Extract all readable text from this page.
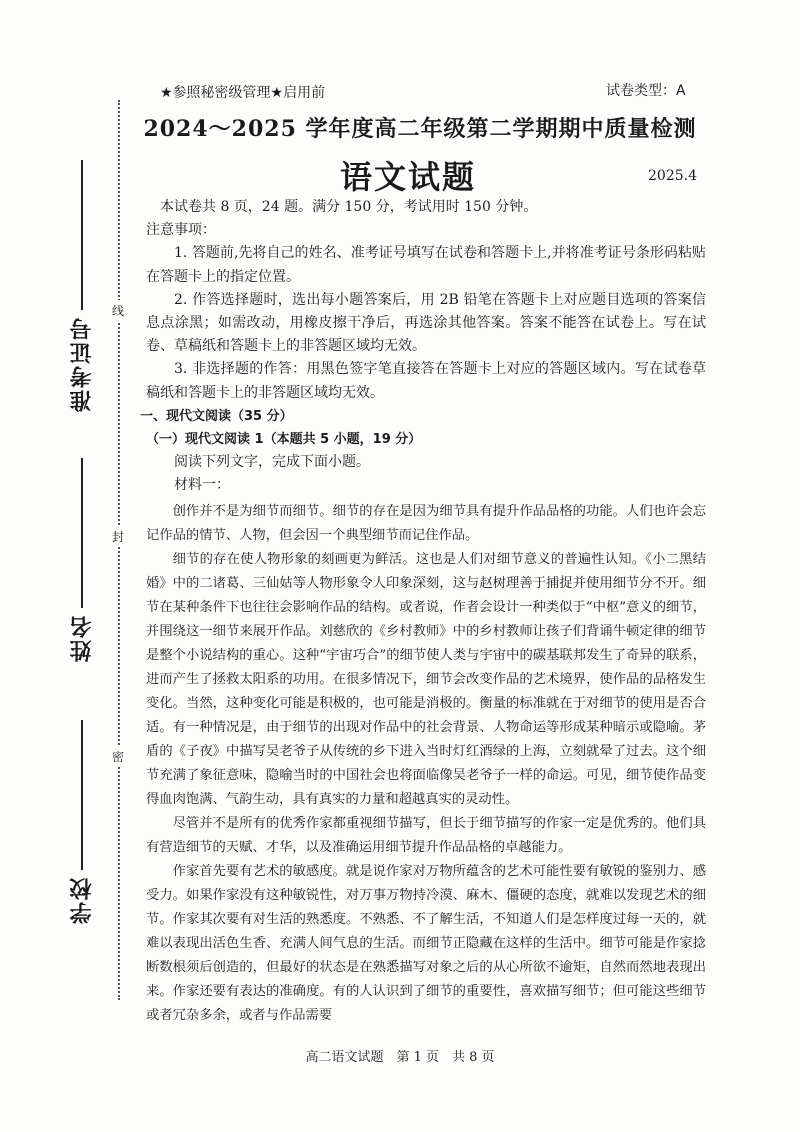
线
封
密
准考证号
姓名
学校
★参照秘密级管理★启用前	试卷类型：A
2024～2025 学年度高二年级第二学期期中质量检测
语文试题	2025.4

本试卷共 8 页，24 题。满分 150 分，考试用时 150 分钟。

注意事项：

1. 答题前,先将自己的姓名、准考证号填写在试卷和答题卡上,并将准考证号条形码粘贴在答题卡上的指定位置。

2. 作答选择题时，选出每小题答案后，用 2B 铅笔在答题卡上对应题目选项的答案信息点涂黑；如需改动，用橡皮擦干净后，再选涂其他答案。答案不能答在试卷上。写在试卷、草稿纸和答题卡上的非答题区域均无效。

3. 非选择题的作答：用黑色签字笔直接答在答题卡上对应的答题区域内。写在试卷草稿纸和答题卡上的非答题区域均无效。

一、现代文阅读（35 分）

（一）现代文阅读 1（本题共 5 小题，19 分）

阅读下列文字，完成下面小题。

材料一：

创作并不是为细节而细节。细节的存在是因为细节具有提升作品品格的功能。人们也许会忘记作品的情节、人物，但会因一个典型细节而记住作品。

细节的存在使人物形象的刻画更为鲜活。这也是人们对细节意义的普遍性认知。《小二黑结婚》中的二诸葛、三仙姑等人物形象令人印象深刻，这与赵树理善于捕捉并使用细节分不开。细节在某种条件下也往往会影响作品的结构。或者说，作者会设计一种类似于“中枢”意义的细节，并围绕这一细节来展开作品。刘慈欣的《乡村教师》中的乡村教师让孩子们背诵牛顿定律的细节是整个小说结构的重心。这种“宇宙巧合”的细节使人类与宇宙中的碳基联邦发生了奇异的联系，进而产生了拯救太阳系的功用。在很多情况下，细节会改变作品的艺术境界，使作品的品格发生变化。当然，这种变化可能是积极的，也可能是消极的。衡量的标准就在于对细节的使用是否合适。有一种情况是，由于细节的出现对作品中的社会背景、人物命运等形成某种暗示或隐喻。茅盾的《子夜》中描写吴老爷子从传统的乡下进入当时灯红酒绿的上海，立刻就晕了过去。这个细节充满了象征意味，隐喻当时的中国社会也将面临像吴老爷子一样的命运。可见，细节使作品变得血肉饱满、气韵生动，具有真实的力量和超越真实的灵动性。

尽管并不是所有的优秀作家都重视细节描写，但长于细节描写的作家一定是优秀的。他们具有营造细节的天赋、才华，以及准确运用细节提升作品品格的卓越能力。

作家首先要有艺术的敏感度。就是说作家对万物所蕴含的艺术可能性要有敏锐的鉴别力、感受力。如果作家没有这种敏锐性，对万事万物持冷漠、麻木、僵硬的态度，就难以发现艺术的细节。作家其次要有对生活的熟悉度。不熟悉、不了解生活，不知道人们是怎样度过每一天的，就难以表现出活色生香、充满人间气息的生活。而细节正隐藏在这样的生活中。细节可能是作家捻断数根须后创造的，但最好的状态是在熟悉描写对象之后的从心所欲不逾矩，自然而然地表现出来。作家还要有表达的准确度。有的人认识到了细节的重要性，喜欢描写细节；但可能这些细节或者冗杂多余，或者与作品需要

高二语文试题　第 1 页　共 8 页
